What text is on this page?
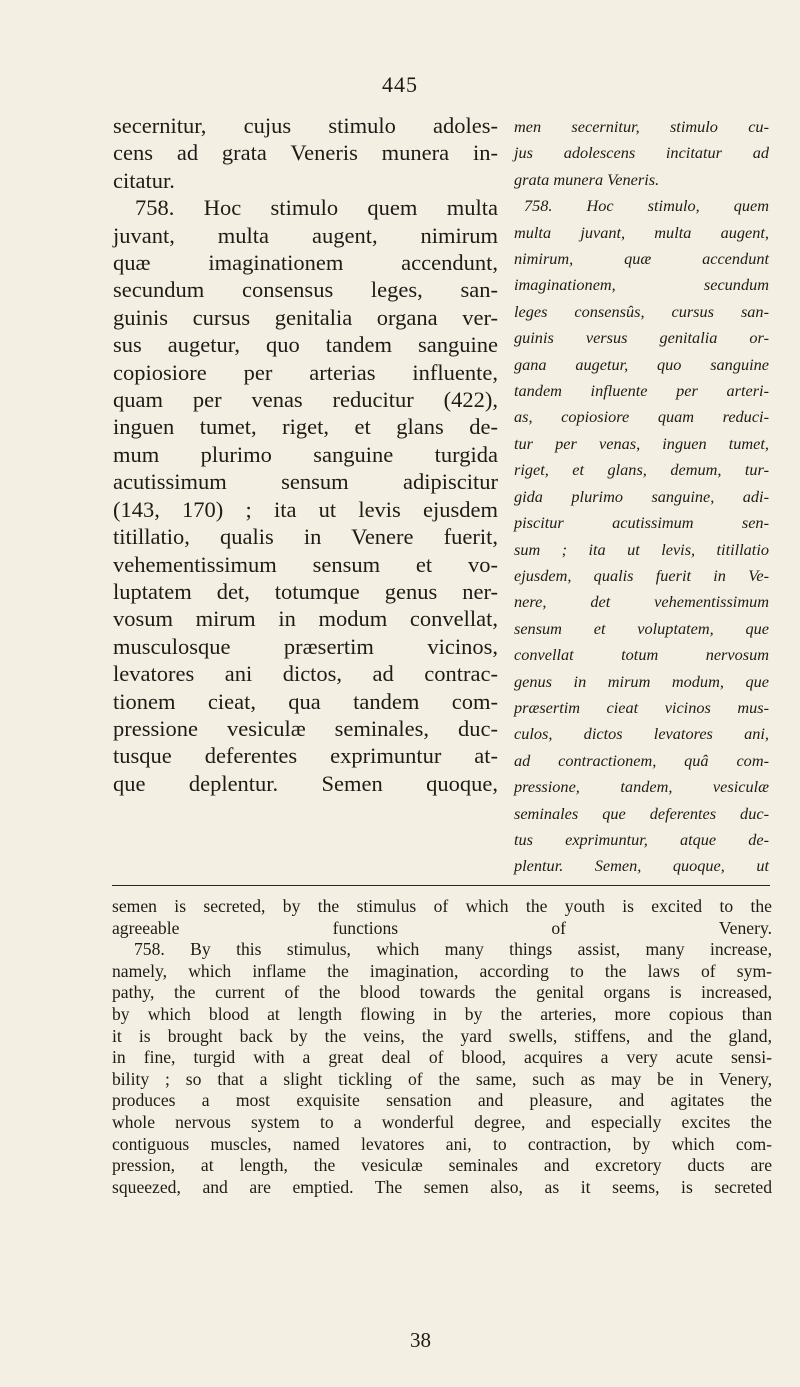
445
secernitur, cujus stimulo adoles-
cens ad grata Veneris munera in-
citatur.
758. Hoc stimulo quem multa
juvant, multa augent, nimirum
quæ imaginationem accendunt,
secundum consensus leges, san-
guinis cursus genitalia organa ver-
sus augetur, quo tandem sanguine
copiosiore per arterias influente,
quam per venas reducitur (422),
inguen tumet, riget, et glans de-
mum plurimo sanguine turgida
acutissimum sensum adipiscitur
(143, 170) ; ita ut levis ejusdem
titillatio, qualis in Venere fuerit,
vehementissimum sensum et vo-
luptatem det, totumque genus ner-
vosum mirum in modum convellat,
musculosque præsertim vicinos,
levatores ani dictos, ad contrac-
tionem cieat, qua tandem com-
pressione vesiculæ seminales, duc-
tusque deferentes exprimuntur at-
que deplentur. Semen quoque,
men secernitur, stimulo cu-
jus adolescens incitatur ad
grata munera Veneris.
758. Hoc stimulo, quem
multa juvant, multa augent,
nimirum, quæ accendunt
imaginationem, secundum
leges consensûs, cursus san-
guinis versus genitalia or-
gana augetur, quo sanguine
tandem influente per arteri-
as, copiosiore quam reduci-
tur per venas, inguen tumet,
riget, et glans, demum, tur-
gida plurimo sanguine, adi-
piscitur acutissimum sen-
sum ; ita ut levis, titillatio
ejusdem, qualis fuerit in Ve-
nere, det vehementissimum
sensum et voluptatem, que
convellat totum nervosum
genus in mirum modum, que
præsertim cieat vicinos mus-
culos, dictos levatores ani,
ad contractionem, quâ com-
pressione, tandem, vesiculæ
seminales que deferentes duc-
tus exprimuntur, atque de-
plentur. Semen, quoque, ut
semen is secreted, by the stimulus of which the youth is excited to the
agreeable functions of Venery.
758. By this stimulus, which many things assist, many increase,
namely, which inflame the imagination, according to the laws of sym-
pathy, the current of the blood towards the genital organs is increased,
by which blood at length flowing in by the arteries, more copious than
it is brought back by the veins, the yard swells, stiffens, and the gland,
in fine, turgid with a great deal of blood, acquires a very acute sensi-
bility ; so that a slight tickling of the same, such as may be in Venery,
produces a most exquisite sensation and pleasure, and agitates the
whole nervous system to a wonderful degree, and especially excites the
contiguous muscles, named levatores ani, to contraction, by which com-
pression, at length, the vesiculæ seminales and excretory ducts are
squeezed, and are emptied. The semen also, as it seems, is secreted
38
